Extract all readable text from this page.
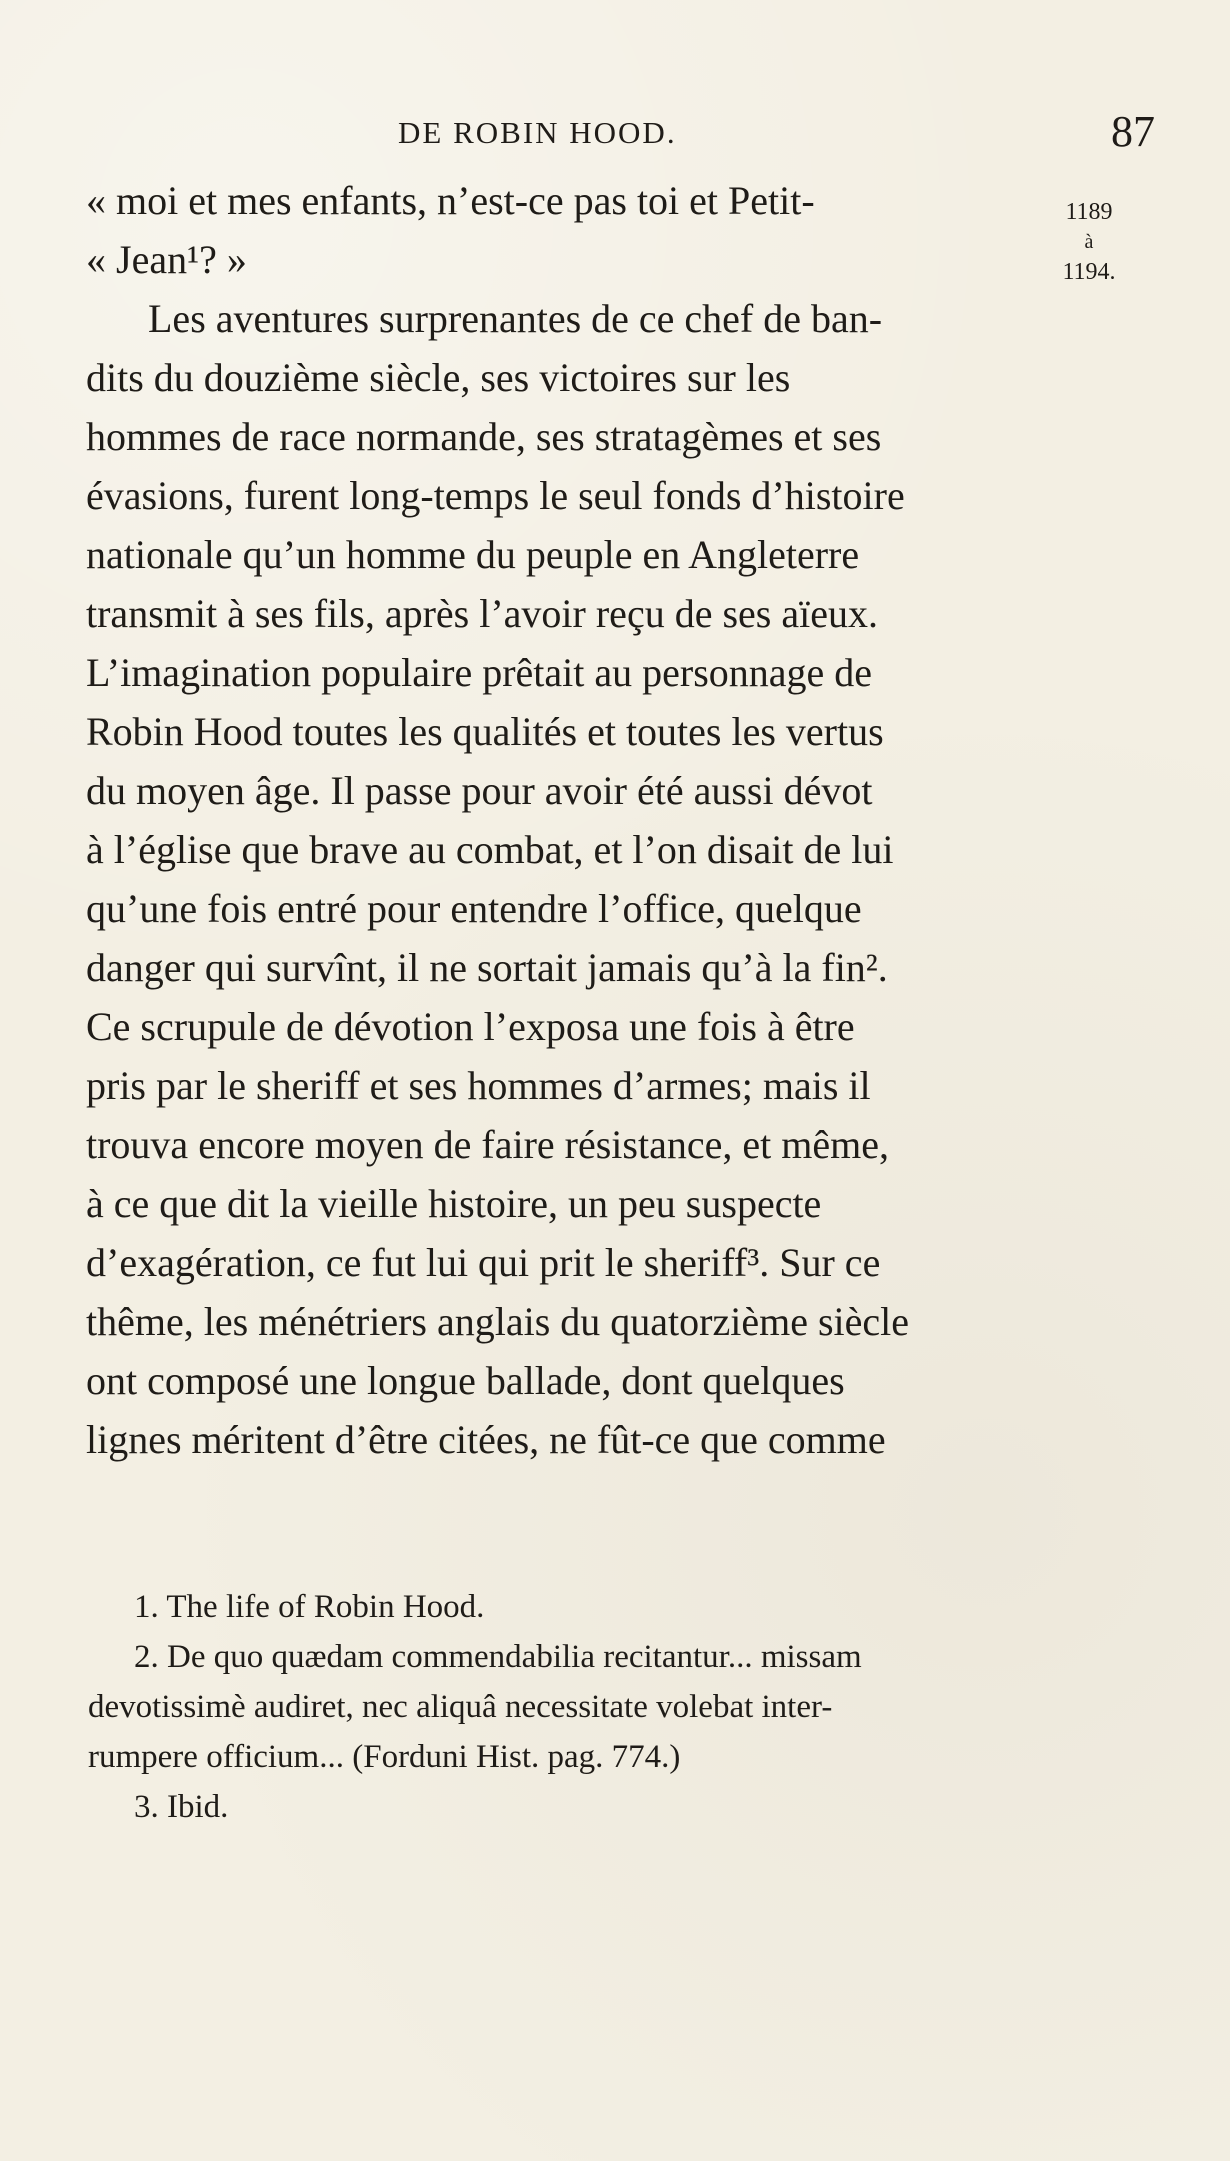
DE ROBIN HOOD.	87
1189
à
1194.
« moi et mes enfants, n’est-ce pas toi et Petit-
« Jean¹? »
Les aventures surprenantes de ce chef de ban-
dits du douzième siècle, ses victoires sur les
hommes de race normande, ses stratagèmes et ses
évasions, furent long-temps le seul fonds d’histoire
nationale qu’un homme du peuple en Angleterre
transmit à ses fils, après l’avoir reçu de ses aïeux.
L’imagination populaire prêtait au personnage de
Robin Hood toutes les qualités et toutes les vertus
du moyen âge. Il passe pour avoir été aussi dévot
à l’église que brave au combat, et l’on disait de lui
qu’une fois entré pour entendre l’office, quelque
danger qui survînt, il ne sortait jamais qu’à la fin².
Ce scrupule de dévotion l’exposa une fois à être
pris par le sheriff et ses hommes d’armes; mais il
trouva encore moyen de faire résistance, et même,
à ce que dit la vieille histoire, un peu suspecte
d’exagération, ce fut lui qui prit le sheriff³. Sur ce
thême, les ménétriers anglais du quatorzième siècle
ont composé une longue ballade, dont quelques
lignes méritent d’être citées, ne fût-ce que comme
1. The life of Robin Hood.
2. De quo quædam commendabilia recitantur... missam
devotissimè audiret, nec aliquâ necessitate volebat inter-
rumpere officium... (Forduni Hist. pag. 774.)
3. Ibid.
